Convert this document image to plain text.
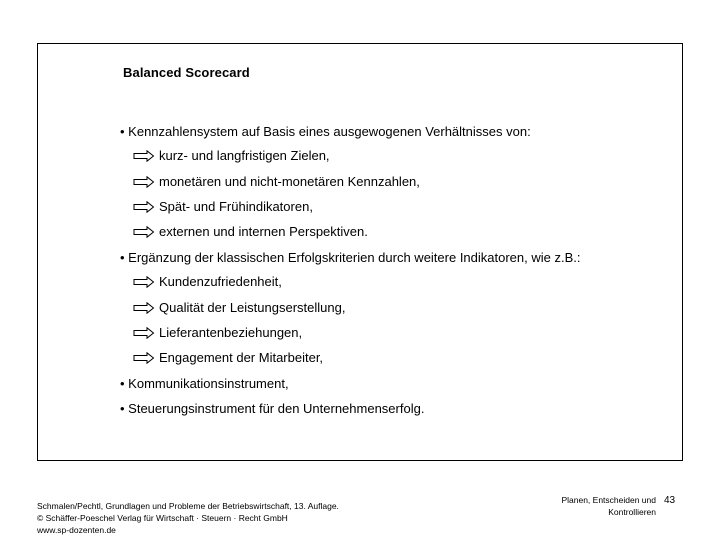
Balanced Scorecard
• Kennzahlensystem auf Basis eines ausgewogenen Verhältnisses von:
kurz- und langfristigen Zielen,
monetären und nicht-monetären Kennzahlen,
Spät- und Frühindikatoren,
externen und internen Perspektiven.
• Ergänzung der klassischen Erfolgskriterien durch weitere Indikatoren, wie z.B.:
Kundenzufriedenheit,
Qualität der Leistungserstellung,
Lieferantenbeziehungen,
Engagement der Mitarbeiter,
• Kommunikationsinstrument,
• Steuerungsinstrument für den Unternehmenserfolg.
Schmalen/Pechtl, Grundlagen und Probleme der Betriebswirtschaft, 13. Auflage.
© Schäffer-Poeschel Verlag für Wirtschaft · Steuern · Recht GmbH
www.sp-dozenten.de
Planen, Entscheiden und
Kontrollieren
43
